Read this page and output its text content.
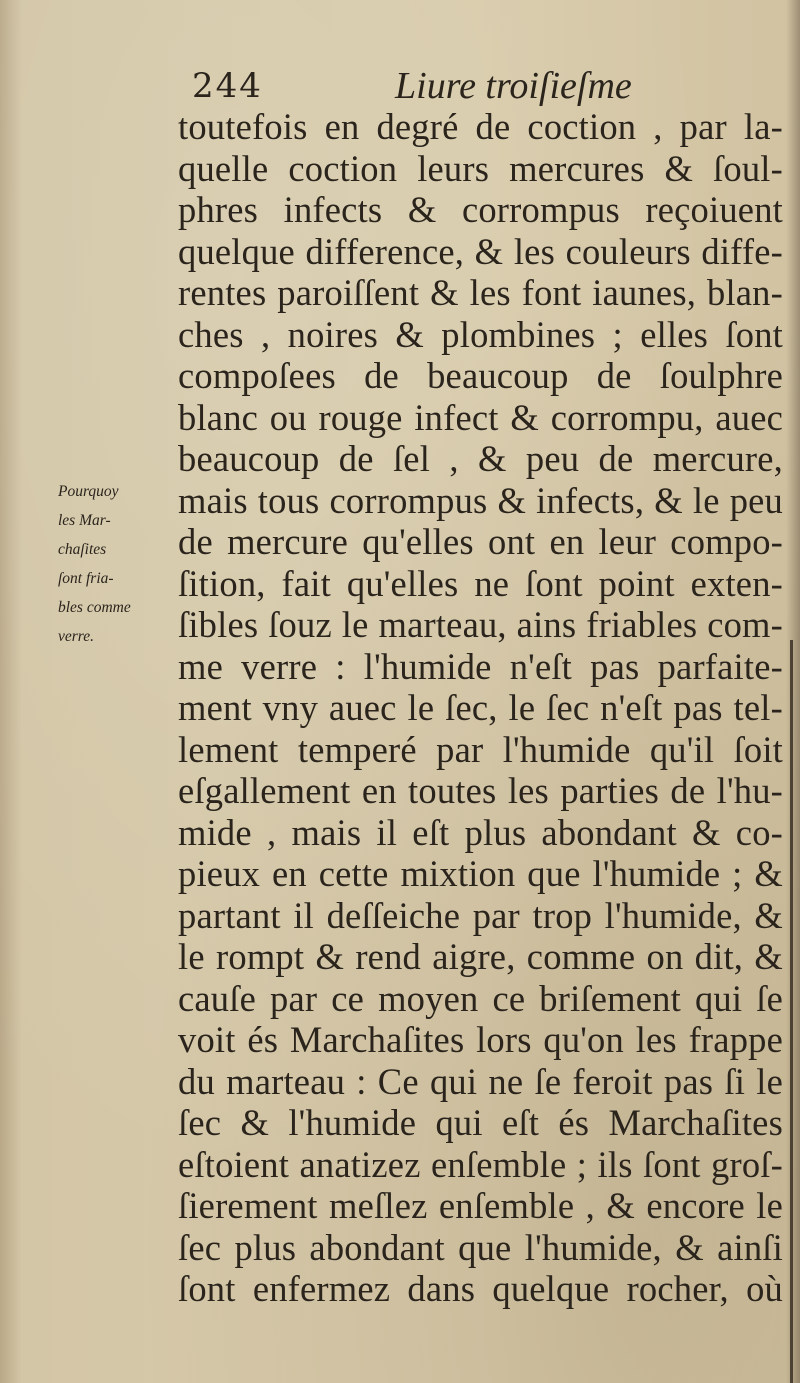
244	Liure troiſieſme
Pourquoy
les Mar-
chaſites
ſont fria-
bles comme
verre.
toutefois en degré de coction , par la-
quelle coction leurs mercures & ſoul-
phres infects & corrompus reçoiuent
quelque difference, & les couleurs diffe-
rentes paroiſſent & les font iaunes, blan-
ches , noires & plombines ; elles ſont
compoſees de beaucoup de ſoulphre
blanc ou rouge infect & corrompu, auec
beaucoup de ſel , & peu de mercure,
mais tous corrompus & infects, & le peu
de mercure qu'elles ont en leur compo-
ſition, fait qu'elles ne ſont point exten-
ſibles ſouz le marteau, ains friables com-
me verre : l'humide n'eſt pas parfaite-
ment vny auec le ſec, le ſec n'eſt pas tel-
lement temperé par l'humide qu'il ſoit
eſgallement en toutes les parties de l'hu-
mide , mais il eſt plus abondant & co-
pieux en cette mixtion que l'humide ; &
partant il deſſeiche par trop l'humide, &
le rompt & rend aigre, comme on dit, &
cauſe par ce moyen ce briſement qui ſe
voit és Marchaſites lors qu'on les frappe
du marteau : Ce qui ne ſe feroit pas ſi le
ſec & l'humide qui eſt és Marchaſites
eſtoient anatizez enſemble ; ils ſont groſ-
ſierement meſlez enſemble , & encore le
ſec plus abondant que l'humide, & ainſi
ſont enfermez dans quelque rocher, où
